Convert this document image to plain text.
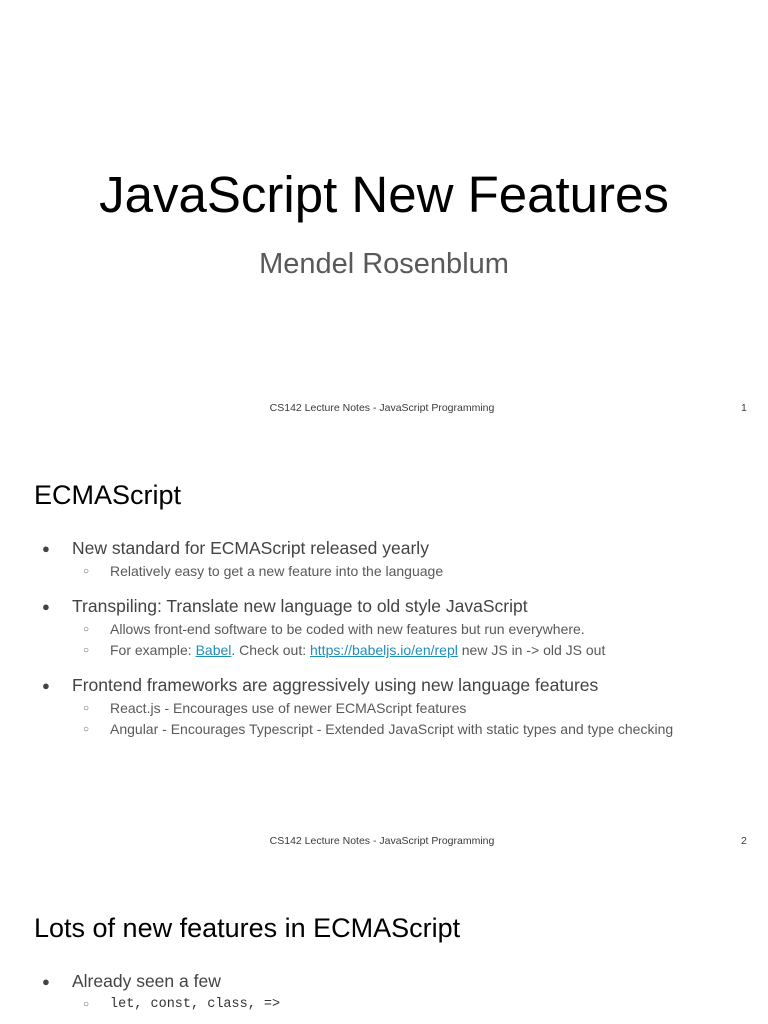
JavaScript New Features
Mendel Rosenblum
CS142 Lecture Notes - JavaScript Programming	1
ECMAScript
● New standard for ECMAScript released yearly
○ Relatively easy to get a new feature into the language
● Transpiling: Translate new language to old style JavaScript
○ Allows front-end software to be coded with new features but run everywhere.
○ For example: Babel. Check out: https://babeljs.io/en/repl new JS in -> old JS out
● Frontend frameworks are aggressively using new language features
○ React.js - Encourages use of newer ECMAScript features
○ Angular - Encourages Typescript - Extended JavaScript with static types and type checking
CS142 Lecture Notes - JavaScript Programming	2
Lots of new features in ECMAScript
● Already seen a few
○ let, const, class, =>
